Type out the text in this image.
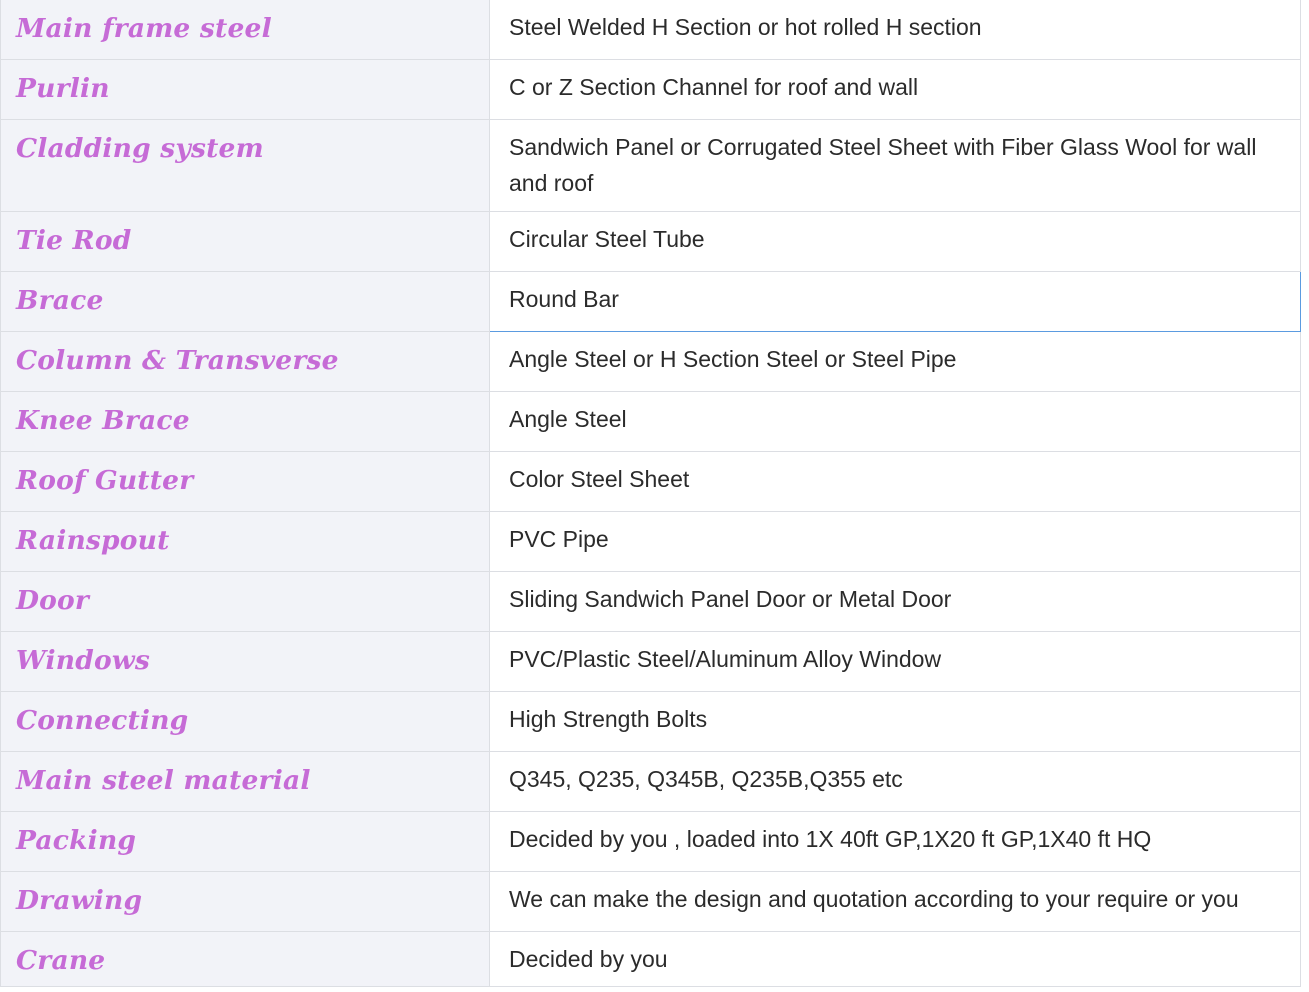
Main frame steel	Steel Welded H Section or hot rolled H section

Purlin	C or Z Section Channel for roof and wall

Cladding system	Sandwich Panel or Corrugated Steel Sheet with Fiber Glass Wool for wall and roof

Tie Rod	Circular Steel Tube

Brace	Round Bar

Column & Transverse	Angle Steel or H Section Steel or Steel Pipe

Knee Brace	Angle Steel

Roof Gutter	Color Steel Sheet

Rainspout	PVC Pipe

Door	Sliding Sandwich Panel Door or Metal Door

Windows	PVC/Plastic Steel/Aluminum Alloy Window

Connecting	High Strength Bolts

Main steel material	Q345, Q235, Q345B, Q235B,Q355 etc

Packing	Decided by you , loaded into 1X 40ft GP,1X20 ft GP,1X40 ft HQ

Drawing	We can make the design and quotation according to your require or you

Crane	Decided by you
